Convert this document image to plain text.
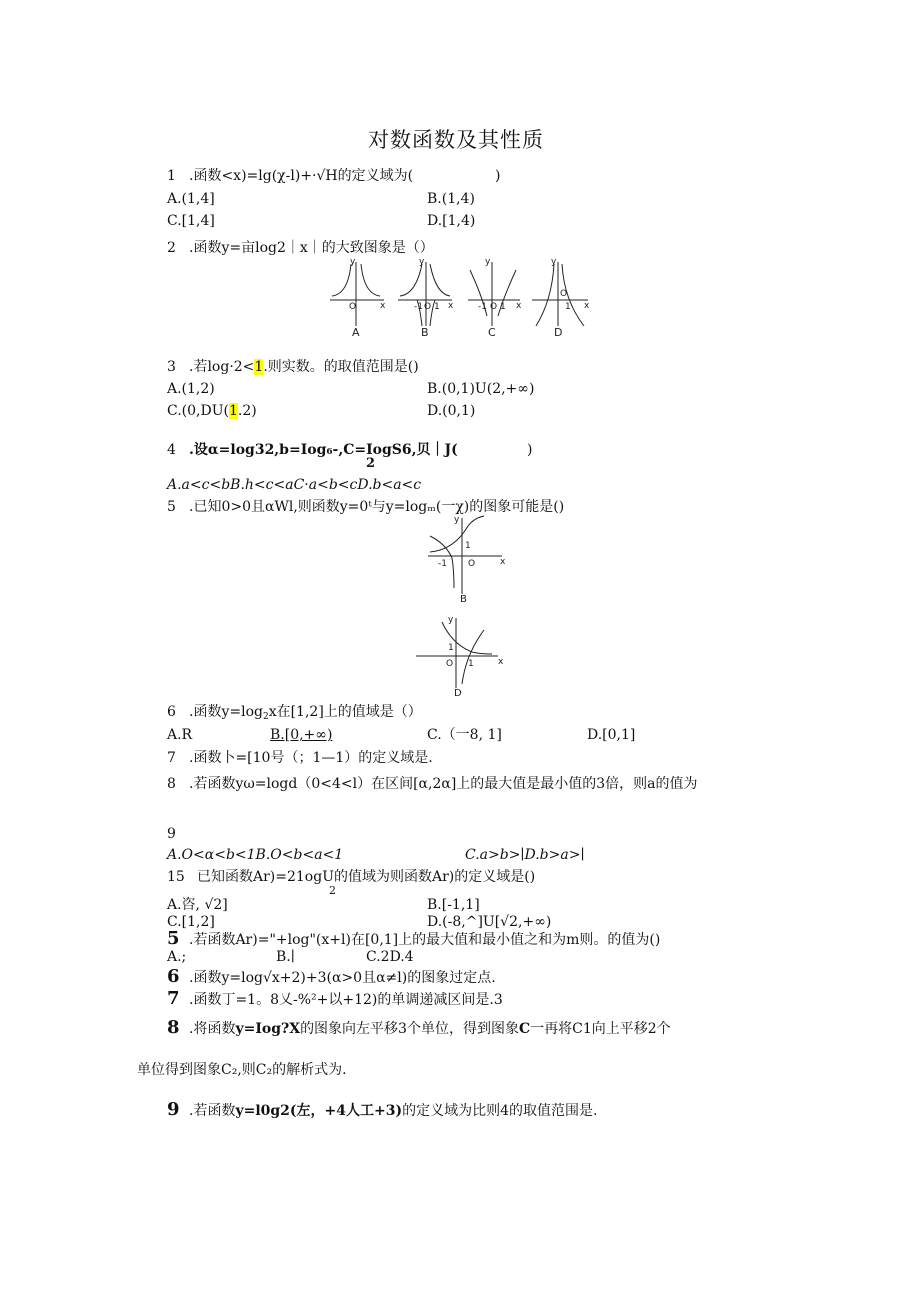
对数函数及其性质
1 .函数<x)=lg(χ-l)+·√H的定义域为(	)
A.(1,4]	B.(1,4)
C.[1,4]	D.[1,4)
2 .函数y=亩log2｜x｜的大致图象是（）
y
x
O
y
x
-1 O 1
y
x
-1 O 1
y
x
O
1
A	B	C	D
3 .若log·2<1.则实数。的取值范围是()
A.(1,2)	B.(0,1)U(2,+∞)
C.(0,DU(1.2)	D.(0,1)
4 .设α=log32,b=Iog₆-,C=IogS6,贝｜J(
2
)
A.a<c<bB.h<c<aC·a<b<cD.b<a<c
5 .已知0>0且αWl,则函数y=0ᵗ与y=logₘ(一χ)的图象可能是()
y
x
-1 O
1
B
y
x
O
1
1
D
6 .函数$y=\log_2x$在[1,2]上的值域是（）
A.R	B.[0,+∞)	C.（一8, 1]	D.[0,1]
7 .函数卜=[10号（；1—1）的定义域是.
8 .若函数yω=logd（0<4<l）在区间[α,2α]上的最大值是最小值的3倍，则a的值为
9
A.O<α<b<1B.O<b<a<1	C.a>b>∣D.b>a>∣
15 已知函数Ar)=21ogU的值域为则函数Ar)的定义域是()
2
A.咨, √2]	B.[-1,1]
C.[1,2]	D.(-8,^]U[√2,+∞)
5 .若函数Ar)="+log"(x+l)在[0,1]上的最大值和最小值之和为m则。的值为()
A.;	B.∣	C.2D.4
6 .函数y=log√x+2)+3(α>0且α≠l)的图象过定点.
7 .函数丁=1。8乂-%²+以+12)的单调递减区间是.3
8 .将函数y=Iog?X的图象向左平移3个单位，得到图象C一再将C1向上平移2个
单位得到图象C₂,则C₂的解析式为.
9 .若函数y=l0g2(左，+4人工+3)的定义域为比则4的取值范围是.
